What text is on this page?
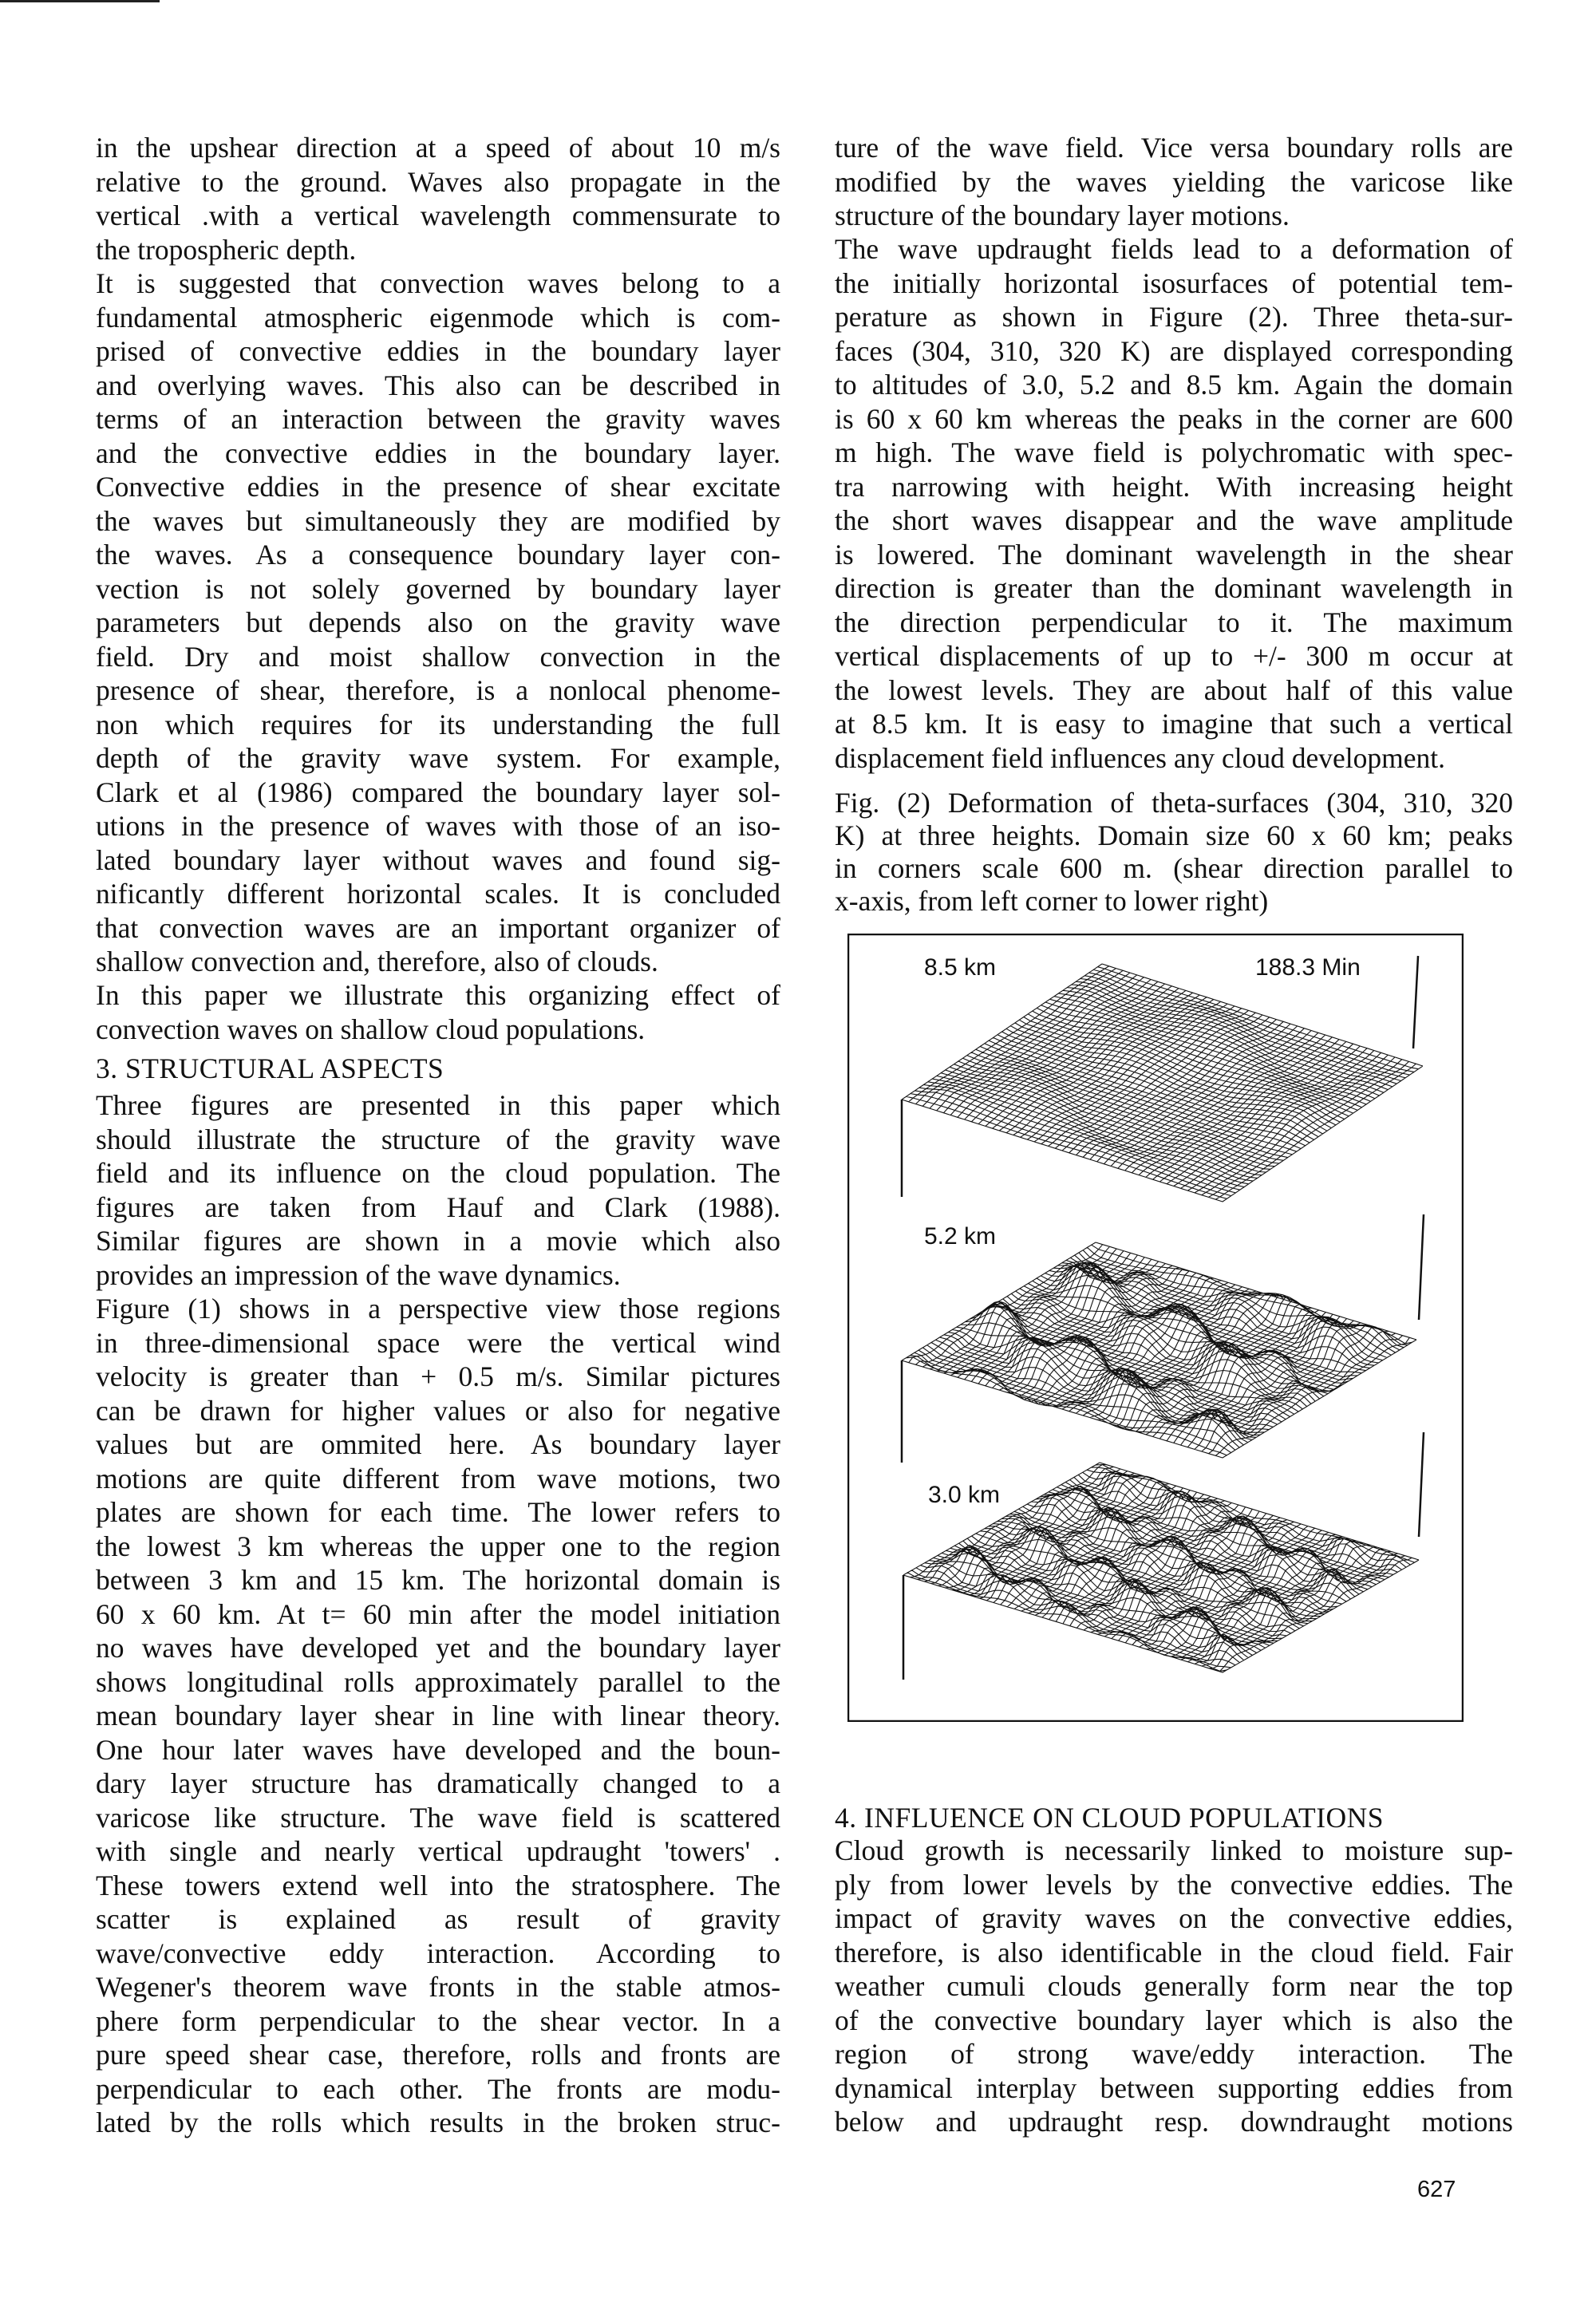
in the upshear direction at a speed of about 10 m/s
relative to the ground. Waves also propagate in the
vertical .with a vertical wavelength commensurate to
the tropospheric depth.
It is suggested that convection waves belong to a
fundamental atmospheric eigenmode which is com-
prised of convective eddies in the boundary layer
and overlying waves. This also can be described in
terms of an interaction between the gravity waves
and the convective eddies in the boundary layer.
Convective eddies in the presence of shear excitate
the waves but simultaneously they are modified by
the waves. As a consequence boundary layer con-
vection is not solely governed by boundary layer
parameters but depends also on the gravity wave
field. Dry and moist shallow convection in the
presence of shear, therefore, is a nonlocal phenome-
non which requires for its understanding the full
depth of the gravity wave system. For example,
Clark et al (1986) compared the boundary layer sol-
utions in the presence of waves with those of an iso-
lated boundary layer without waves and found sig-
nificantly different horizontal scales. It is concluded
that convection waves are an important organizer of
shallow convection and, therefore, also of clouds.
In this paper we illustrate this organizing effect of
convection waves on shallow cloud populations.
3. STRUCTURAL ASPECTS
Three figures are presented in this paper which
should illustrate the structure of the gravity wave
field and its influence on the cloud population. The
figures are taken from Hauf and Clark (1988).
Similar figures are shown in a movie which also
provides an impression of the wave dynamics.
Figure (1) shows in a perspective view those regions
in three-dimensional space were the vertical wind
velocity is greater than + 0.5 m/s. Similar pictures
can be drawn for higher values or also for negative
values but are ommited here. As boundary layer
motions are quite different from wave motions, two
plates are shown for each time. The lower refers to
the lowest 3 km whereas the upper one to the region
between 3 km and 15 km. The horizontal domain is
60 x 60 km. At t= 60 min after the model initiation
no waves have developed yet and the boundary layer
shows longitudinal rolls approximately parallel to the
mean boundary layer shear in line with linear theory.
One hour later waves have developed and the boun-
dary layer structure has dramatically changed to a
varicose like structure. The wave field is scattered
with single and nearly vertical updraught 'towers' .
These towers extend well into the stratosphere. The
scatter is explained as result of gravity
wave/convective eddy interaction. According to
Wegener's theorem wave fronts in the stable atmos-
phere form perpendicular to the shear vector. In a
pure speed shear case, therefore, rolls and fronts are
perpendicular to each other. The fronts are modu-
lated by the rolls which results in the broken struc-
ture of the wave field. Vice versa boundary rolls are
modified by the waves yielding the varicose like
structure of the boundary layer motions.
The wave updraught fields lead to a deformation of
the initially horizontal isosurfaces of potential tem-
perature as shown in Figure (2). Three theta-sur-
faces (304, 310, 320 K) are displayed corresponding
to altitudes of 3.0, 5.2 and 8.5 km. Again the domain
is 60 x 60 km whereas the peaks in the corner are 600
m high. The wave field is polychromatic with spec-
tra narrowing with height. With increasing height
the short waves disappear and the wave amplitude
is lowered. The dominant wavelength in the shear
direction is greater than the dominant wavelength in
the direction perpendicular to it. The maximum
vertical displacements of up to +/- 300 m occur at
the lowest levels. They are about half of this value
at 8.5 km. It is easy to imagine that such a vertical
displacement field influences any cloud development.
Fig. (2) Deformation of theta-surfaces (304, 310, 320
K) at three heights. Domain size 60 x 60 km; peaks
in corners scale 600 m. (shear direction parallel to
x-axis, from left corner to lower right)
8.5 km	188.3 Min
5.2 km
3.0 km
4. INFLUENCE ON CLOUD POPULATIONS
Cloud growth is necessarily linked to moisture sup-
ply from lower levels by the convective eddies. The
impact of gravity waves on the convective eddies,
therefore, is also identificable in the cloud field. Fair
weather cumuli clouds generally form near the top
of the convective boundary layer which is also the
region of strong wave/eddy interaction. The
dynamical interplay between supporting eddies from
below and updraught resp. downdraught motions
627
